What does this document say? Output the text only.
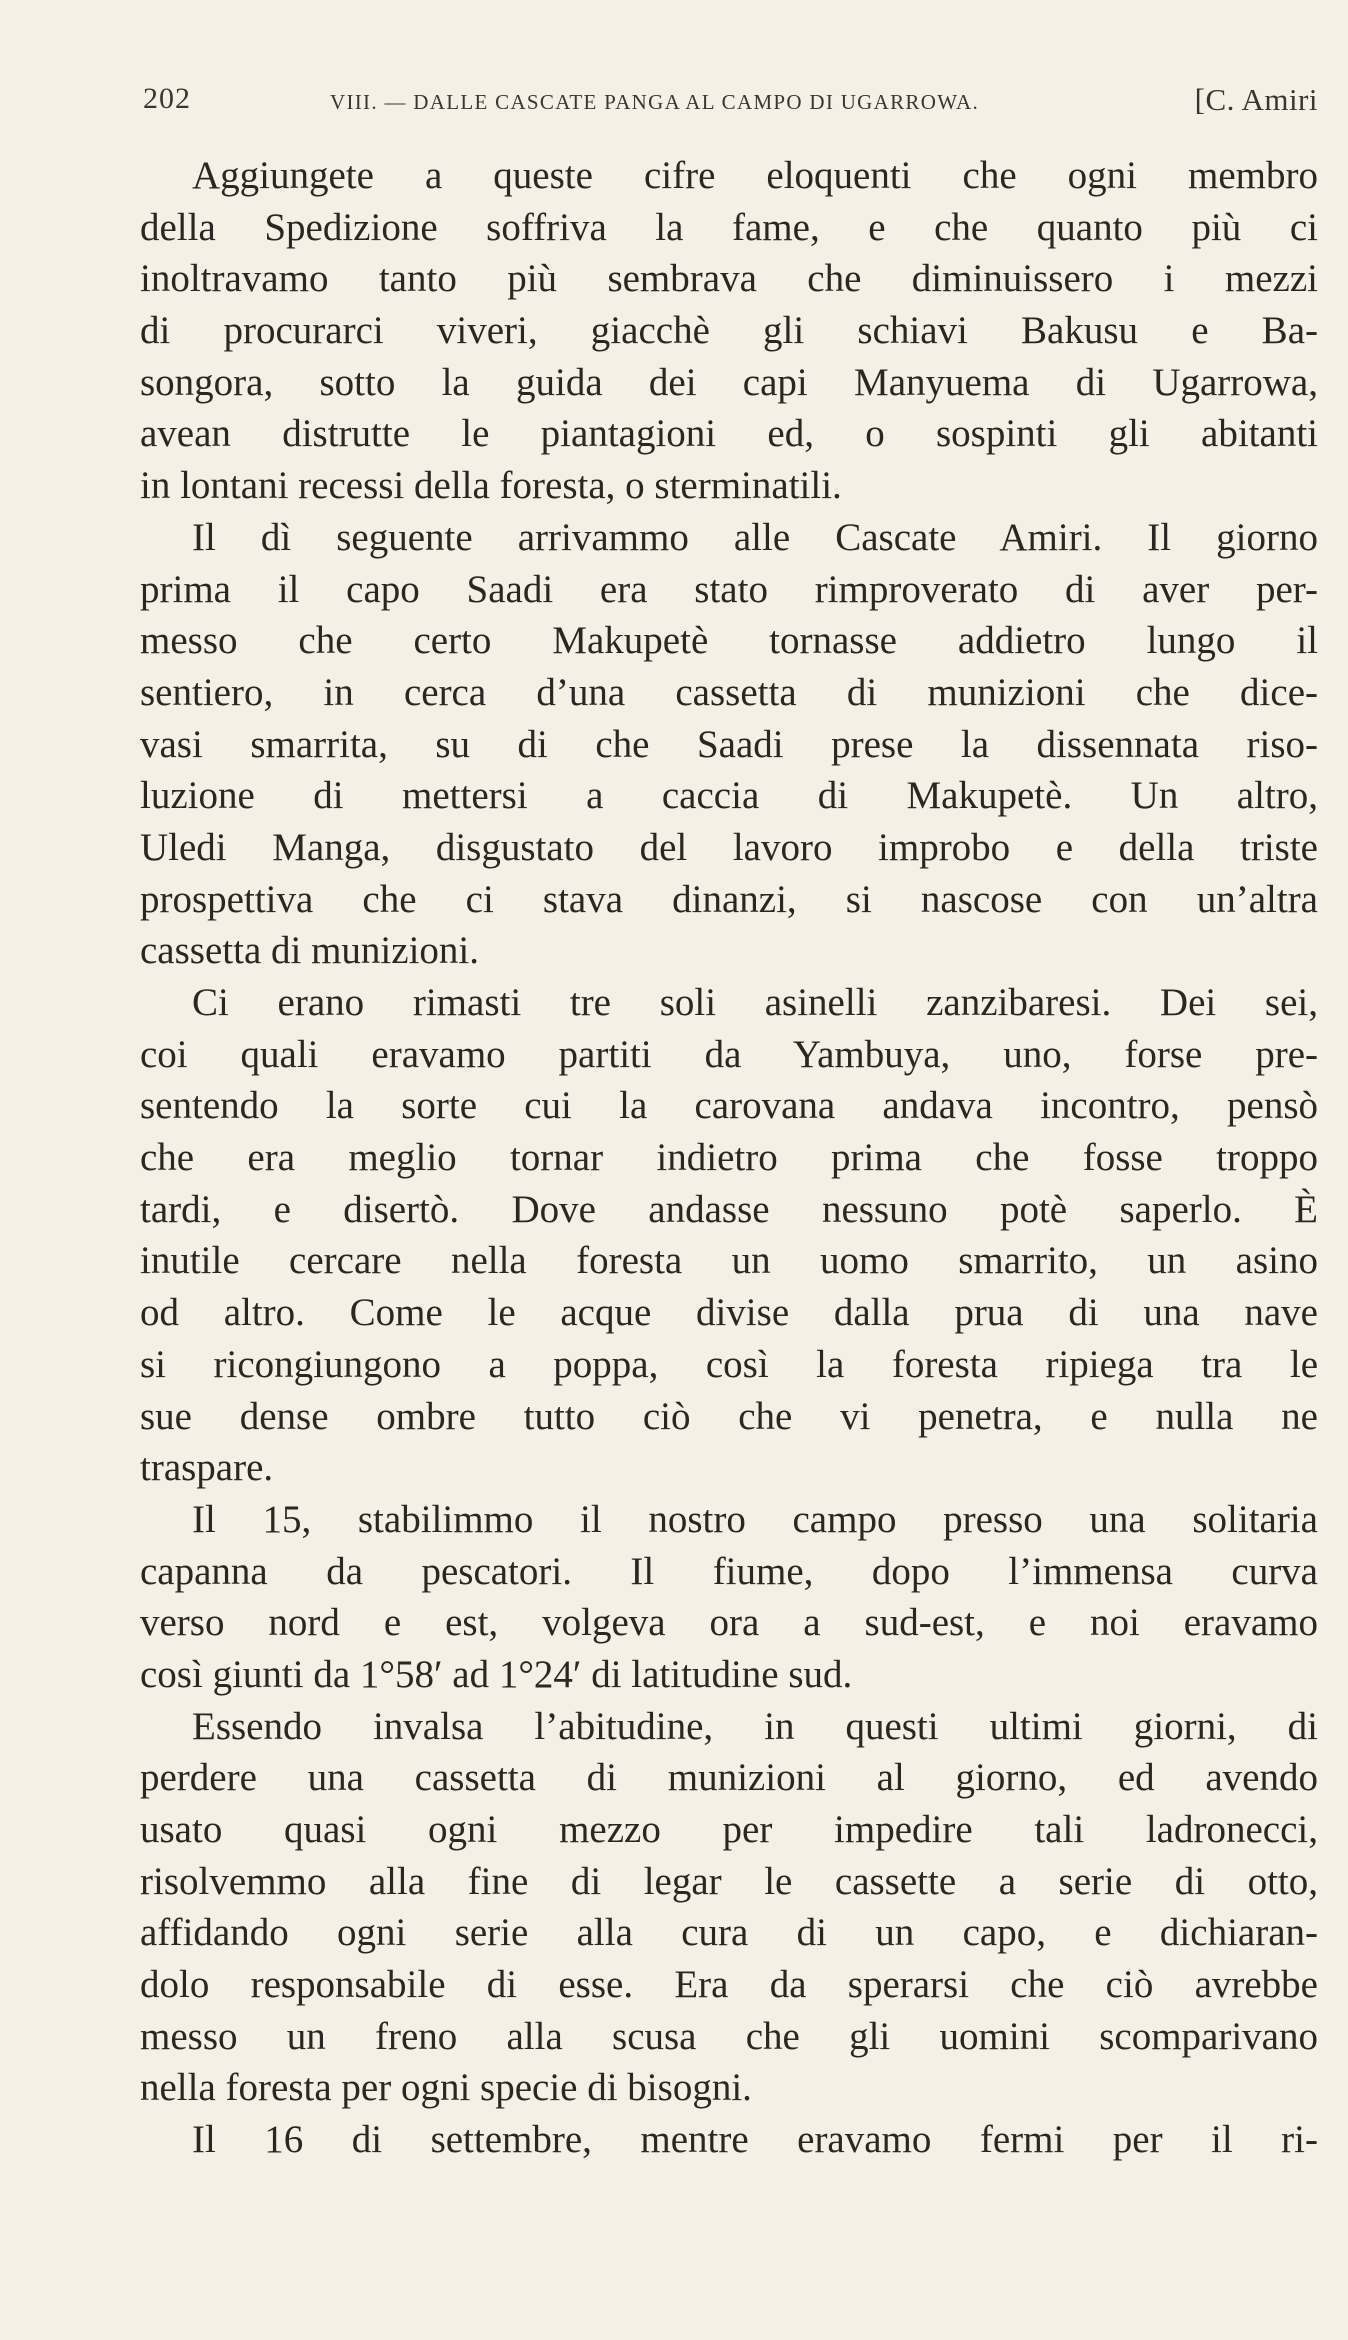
202	VIII. — DALLE CASCATE PANGA AL CAMPO DI UGARROWA.	[C. Amiri
Aggiungete a queste cifre eloquenti che ogni membro
della Spedizione soffriva la fame, e che quanto più ci
inoltravamo tanto più sembrava che diminuissero i mezzi
di procurarci viveri, giacchè gli schiavi Bakusu e Ba-
songora, sotto la guida dei capi Manyuema di Ugarrowa,
avean distrutte le piantagioni ed, o sospinti gli abitanti
in lontani recessi della foresta, o sterminatili.
Il dì seguente arrivammo alle Cascate Amiri. Il giorno
prima il capo Saadi era stato rimproverato di aver per-
messo che certo Makupetè tornasse addietro lungo il
sentiero, in cerca d’una cassetta di munizioni che dice-
vasi smarrita, su di che Saadi prese la dissennata riso-
luzione di mettersi a caccia di Makupetè. Un altro,
Uledi Manga, disgustato del lavoro improbo e della triste
prospettiva che ci stava dinanzi, si nascose con un’altra
cassetta di munizioni.
Ci erano rimasti tre soli asinelli zanzibaresi. Dei sei,
coi quali eravamo partiti da Yambuya, uno, forse pre-
sentendo la sorte cui la carovana andava incontro, pensò
che era meglio tornar indietro prima che fosse troppo
tardi, e disertò. Dove andasse nessuno potè saperlo. È
inutile cercare nella foresta un uomo smarrito, un asino
od altro. Come le acque divise dalla prua di una nave
si ricongiungono a poppa, così la foresta ripiega tra le
sue dense ombre tutto ciò che vi penetra, e nulla ne
traspare.
Il 15, stabilimmo il nostro campo presso una solitaria
capanna da pescatori. Il fiume, dopo l’immensa curva
verso nord e est, volgeva ora a sud-est, e noi eravamo
così giunti da 1°58′ ad 1°24′ di latitudine sud.
Essendo invalsa l’abitudine, in questi ultimi giorni, di
perdere una cassetta di munizioni al giorno, ed avendo
usato quasi ogni mezzo per impedire tali ladronecci,
risolvemmo alla fine di legar le cassette a serie di otto,
affidando ogni serie alla cura di un capo, e dichiaran-
dolo responsabile di esse. Era da sperarsi che ciò avrebbe
messo un freno alla scusa che gli uomini scomparivano
nella foresta per ogni specie di bisogni.
Il 16 di settembre, mentre eravamo fermi per il ri-
